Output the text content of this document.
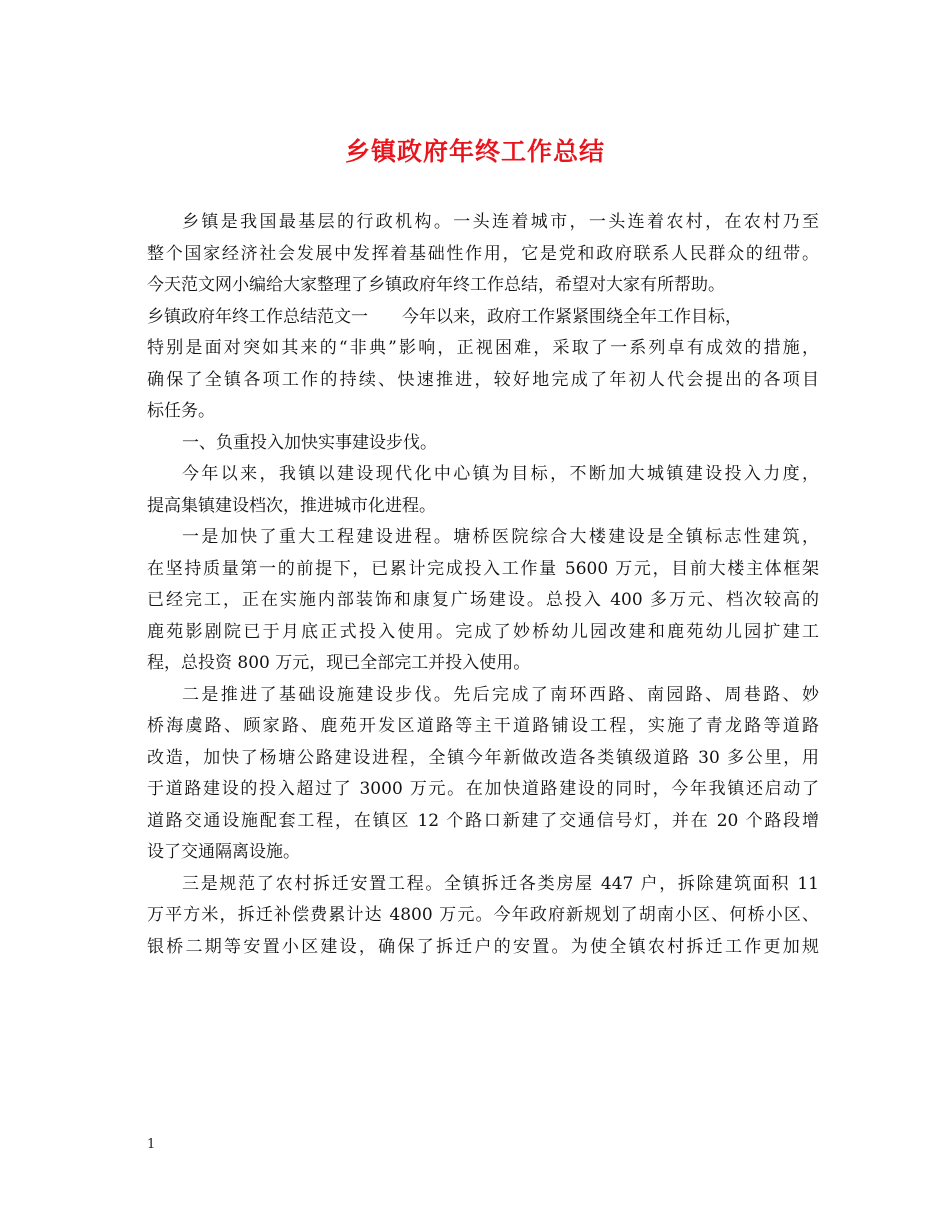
乡镇政府年终工作总结
乡镇是我国最基层的行政机构。一头连着城市，一头连着农村，在农村乃至
整个国家经济社会发展中发挥着基础性作用，它是党和政府联系人民群众的纽带。
今天范文网小编给大家整理了乡镇政府年终工作总结，希望对大家有所帮助。
乡镇政府年终工作总结范文一　　今年以来，政府工作紧紧围绕全年工作目标，
特别是面对突如其来的“非典”影响，正视困难，采取了一系列卓有成效的措施，
确保了全镇各项工作的持续、快速推进，较好地完成了年初人代会提出的各项目
标任务。
一、负重投入加快实事建设步伐。
今年以来，我镇以建设现代化中心镇为目标，不断加大城镇建设投入力度，
提高集镇建设档次，推进城市化进程。
一是加快了重大工程建设进程。塘桥医院综合大楼建设是全镇标志性建筑，
在坚持质量第一的前提下，已累计完成投入工作量 5600 万元，目前大楼主体框架
已经完工，正在实施内部装饰和康复广场建设。总投入 400 多万元、档次较高的
鹿苑影剧院已于月底正式投入使用。完成了妙桥幼儿园改建和鹿苑幼儿园扩建工
程，总投资 800 万元，现已全部完工并投入使用。
二是推进了基础设施建设步伐。先后完成了南环西路、南园路、周巷路、妙
桥海虞路、顾家路、鹿苑开发区道路等主干道路铺设工程，实施了青龙路等道路
改造，加快了杨塘公路建设进程，全镇今年新做改造各类镇级道路 30 多公里，用
于道路建设的投入超过了 3000 万元。在加快道路建设的同时，今年我镇还启动了
道路交通设施配套工程，在镇区 12 个路口新建了交通信号灯，并在 20 个路段增
设了交通隔离设施。
三是规范了农村拆迁安置工程。全镇拆迁各类房屋 447 户，拆除建筑面积 11
万平方米，拆迁补偿费累计达 4800 万元。今年政府新规划了胡南小区、何桥小区、
银桥二期等安置小区建设，确保了拆迁户的安置。为使全镇农村拆迁工作更加规
1
